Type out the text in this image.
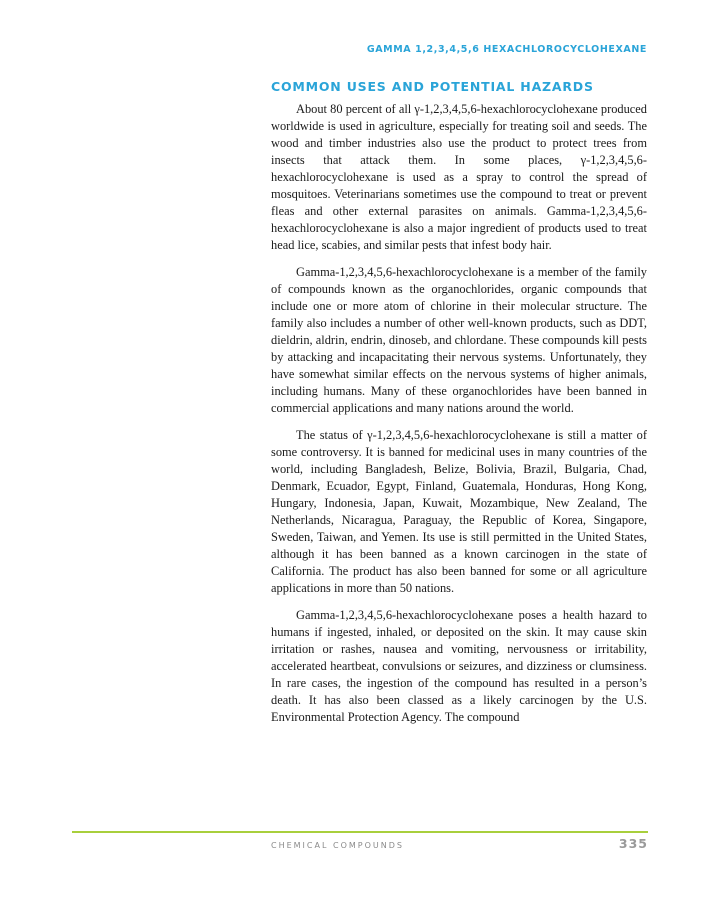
GAMMA 1,2,3,4,5,6 HEXACHLOROCYCLOHEXANE
COMMON USES AND POTENTIAL HAZARDS

About 80 percent of all γ-1,2,3,4,5,6-hexachlorocyclohexane produced worldwide is used in agriculture, especially for treating soil and seeds. The wood and timber industries also use the product to protect trees from insects that attack them. In some places, γ-1,2,3,4,5,6-hexachlorocyclohexane is used as a spray to control the spread of mosquitoes. Veterinarians sometimes use the compound to treat or prevent fleas and other external parasites on animals. Gamma-1,2,3,4,5,6-hexachlorocyclohexane is also a major ingredient of products used to treat head lice, scabies, and similar pests that infest body hair.

Gamma-1,2,3,4,5,6-hexachlorocyclohexane is a member of the family of compounds known as the organochlorides, organic compounds that include one or more atom of chlorine in their molecular structure. The family also includes a number of other well-known products, such as DDT, dieldrin, aldrin, endrin, dinoseb, and chlordane. These compounds kill pests by attacking and incapacitating their nervous systems. Unfortunately, they have somewhat similar effects on the nervous systems of higher animals, including humans. Many of these organochlorides have been banned in commercial applications and many nations around the world.

The status of γ-1,2,3,4,5,6-hexachlorocyclohexane is still a matter of some controversy. It is banned for medicinal uses in many countries of the world, including Bangladesh, Belize, Bolivia, Brazil, Bulgaria, Chad, Denmark, Ecuador, Egypt, Finland, Guatemala, Honduras, Hong Kong, Hungary, Indonesia, Japan, Kuwait, Mozambique, New Zealand, The Netherlands, Nicaragua, Paraguay, the Republic of Korea, Singapore, Sweden, Taiwan, and Yemen. Its use is still permitted in the United States, although it has been banned as a known carcinogen in the state of California. The product has also been banned for some or all agriculture applications in more than 50 nations.

Gamma-1,2,3,4,5,6-hexachlorocyclohexane poses a health hazard to humans if ingested, inhaled, or deposited on the skin. It may cause skin irritation or rashes, nausea and vomiting, nervousness or irritability, accelerated heartbeat, convulsions or seizures, and dizziness or clumsiness. In rare cases, the ingestion of the compound has resulted in a person’s death. It has also been classed as a likely carcinogen by the U.S. Environmental Protection Agency. The compound

CHEMICAL COMPOUNDS	335
